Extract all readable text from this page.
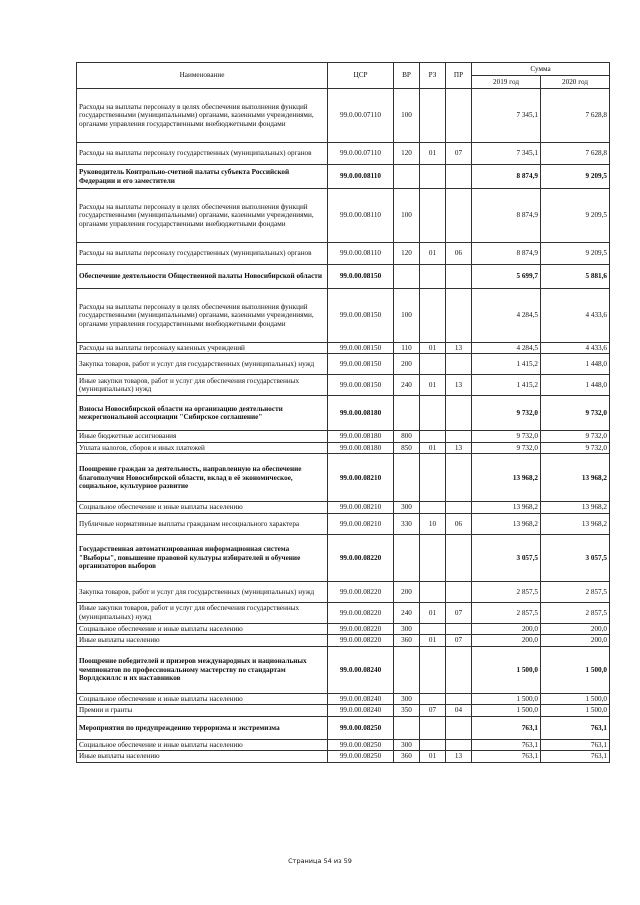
Наименование	ЦСР	ВР	РЗ	ПР	Сумма	
					2019 год	2020 год
Расходы на выплаты персоналу в целях обеспечения выполнения функций государственными (муниципальными) органами, казенными учреждениями, органами управления государственными внебюджетными фондами	99.0.00.07110	100			7 345,1	7 628,8
Расходы на выплаты персоналу государственных (муниципальных) органов	99.0.00.07110	120	01	07	7 345,1	7 628,8
Руководитель Контрольно-счетной палаты субъекта Российской Федерации и его заместители	99.0.00.08110				8 874,9	9 209,5
Расходы на выплаты персоналу в целях обеспечения выполнения функций государственными (муниципальными) органами, казенными учреждениями, органами управления государственными внебюджетными фондами	99.0.00.08110	100			8 874,9	9 209,5
Расходы на выплаты персоналу государственных (муниципальных) органов	99.0.00.08110	120	01	06	8 874,9	9 209,5
Обеспечение деятельности Общественной палаты Новосибирской области	99.0.00.08150				5 699,7	5 881,6
Расходы на выплаты персоналу в целях обеспечения выполнения функций государственными (муниципальными) органами, казенными учреждениями, органами управления государственными внебюджетными фондами	99.0.00.08150	100			4 284,5	4 433,6
Расходы на выплаты персоналу казенных учреждений	99.0.00.08150	110	01	13	4 284,5	4 433,6
Закупка товаров, работ и услуг для государственных (муниципальных) нужд	99.0.00.08150	200			1 415,2	1 448,0
Иные закупки товаров, работ и услуг для обеспечения государственных (муниципальных) нужд	99.0.00.08150	240	01	13	1 415,2	1 448,0
Взносы Новосибирской области на организацию деятельности межрегиональной ассоциации "Сибирское соглашение"	99.0.00.08180				9 732,0	9 732,0
Иные бюджетные ассигнования	99.0.00.08180	800			9 732,0	9 732,0
Уплата налогов, сборов и иных платежей	99.0.00.08180	850	01	13	9 732,0	9 732,0
Поощрение граждан за деятельность, направленную на обеспечение благополучия Новосибирской области, вклад в её экономическое, социальное, культурное развитие	99.0.00.08210				13 968,2	13 968,2
Социальное обеспечение и иные выплаты населению	99.0.00.08210	300			13 968,2	13 968,2
Публичные нормативные выплаты гражданам несоциального характера	99.0.00.08210	330	10	06	13 968,2	13 968,2
Государственная автоматизированная информационная система "Выборы", повышение правовой культуры избирателей и обучение организаторов выборов	99.0.00.08220				3 057,5	3 057,5
Закупка товаров, работ и услуг для государственных (муниципальных) нужд	99.0.00.08220	200			2 857,5	2 857,5
Иные закупки товаров, работ и услуг для обеспечения государственных (муниципальных) нужд	99.0.00.08220	240	01	07	2 857,5	2 857,5
Социальное обеспечение и иные выплаты населению	99.0.00.08220	300			200,0	200,0
Иные выплаты населению	99.0.00.08220	360	01	07	200,0	200,0
Поощрение победителей и призеров международных и национальных чемпионатов по профессиональному мастерству по стандартам Ворлдскиллс и их наставников	99.0.00.08240				1 500,0	1 500,0
Социальное обеспечение и иные выплаты населению	99.0.00.08240	300			1 500,0	1 500,0
Премии и гранты	99.0.00.08240	350	07	04	1 500,0	1 500,0
Мероприятия по предупреждению терроризма и экстремизма	99.0.00.08250				763,1	763,1
Социальное обеспечение и иные выплаты населению	99.0.00.08250	300			763,1	763,1
Иные выплаты населению	99.0.00.08250	360	01	13	763,1	763,1
Страница 54 из 59
